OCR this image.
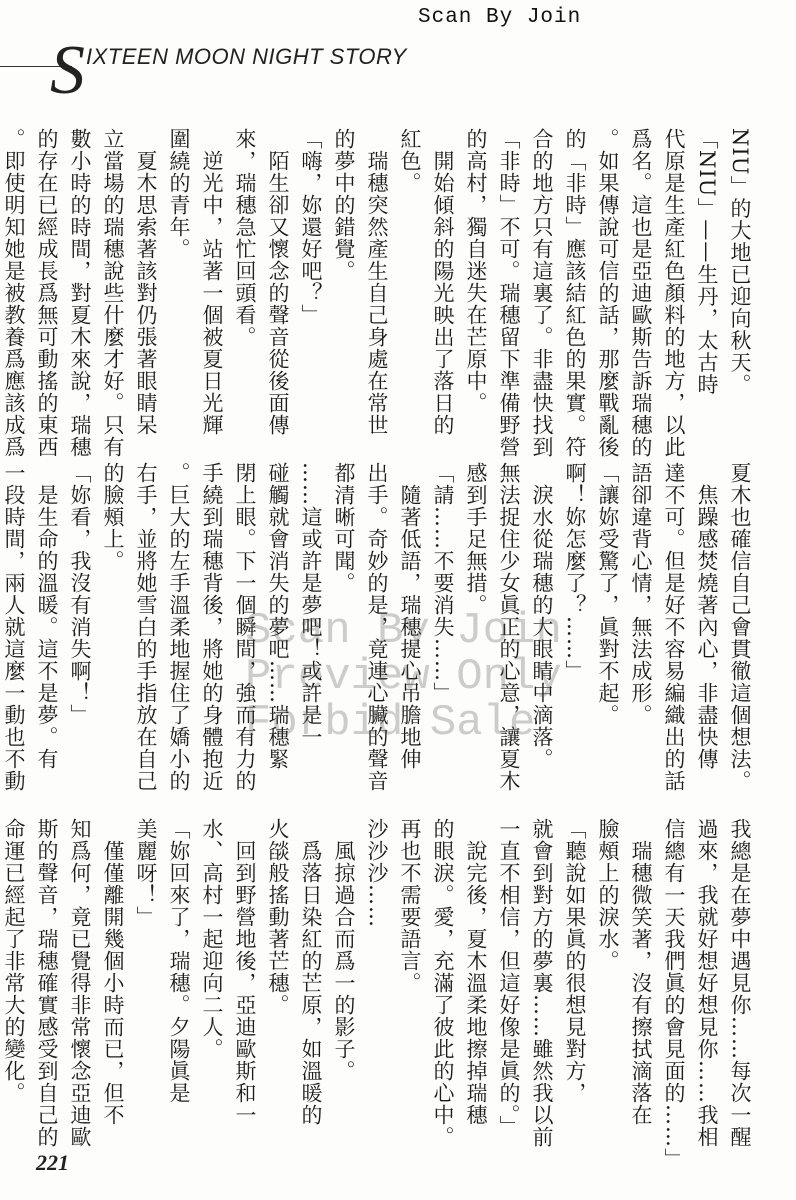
Scan By Join
S IXTEEN MOON NIGHT STORY
NIU」的大地已迎向秋天。
「NIU」——生丹，太古時
代原是生產紅色顏料的地方，以此
爲名。這也是亞迪歐斯告訴瑞穗的
。如果傳說可信的話，那麼戰亂後
的「非時」應該結紅色的果實。符
合的地方只有這裏了。非盡快找到
「非時」不可。瑞穗留下準備野營
的高村，獨自迷失在芒原中。
　開始傾斜的陽光映出了落日的
紅色。
　瑞穗突然產生自己身處在常世
的夢中的錯覺。
「嗨，妳還好吧？」
　陌生卻又懷念的聲音從後面傳
來，瑞穗急忙回頭看。
　逆光中，站著一個被夏日光輝
圍繞的青年。
　夏木思索著該對仍張著眼睛呆
立當場的瑞穗說些什麼才好。只有
數小時的時間，對夏木來說，瑞穗
的存在已經成長爲無可動搖的東西
。即使明知她是被教養爲應該成爲

夏木也確信自己會貫徹這個想法。
　焦躁感焚燒著內心，非盡快傳
達不可。但是好不容易編織出的話
語卻違背心情，無法成形。
「讓妳受驚了，眞對不起。
啊！妳怎麼了？……」
　淚水從瑞穗的大眼睛中滴落。
無法捉住少女眞正的心意，讓夏木
感到手足無措。
「請……不要消失……」
　隨著低語，瑞穗提心吊膽地伸
出手。奇妙的是，竟連心臟的聲音
都清晰可聞。
……這或許是夢吧！或許是一
碰觸就會消失的夢吧……瑞穗緊
閉上眼。下一個瞬間，強而有力的
手繞到瑞穗背後，將她的身體抱近
。巨大的左手溫柔地握住了嬌小的
右手，並將她雪白的手指放在自己
的臉頰上。
「妳看，我沒有消失啊！」
　是生命的溫暖。這不是夢。有
一段時間，兩人就這麼一動也不動

我總是在夢中遇見你……每次一醒
過來，我就好想好想見你……我相
信總有一天我們眞的會見面的……」
　瑞穗微笑著，沒有擦拭滴落在
臉頰上的淚水。
「聽說如果眞的很想見對方，
就會到對方的夢裏……雖然我以前
一直不相信，但這好像是眞的。」
　說完後，夏木溫柔地擦掉瑞穗
的眼淚。愛，充滿了彼此的心中。
再也不需要語言。
沙沙沙……
　風掠過合而爲一的影子。
　爲落日染紅的芒原，如溫暖的
火燄般搖動著芒穗。
　回到野營地後，亞迪歐斯和一
水、高村一起迎向二人。
「妳回來了，瑞穗。夕陽眞是
美麗呀！」
　僅僅離開幾個小時而已，但不
知爲何，竟已覺得非常懷念亞迪歐
斯的聲音，瑞穗確實感受到自己的
命運已經起了非常大的變化。

Scan By Join
Preview Only
Forbid Sale
221
